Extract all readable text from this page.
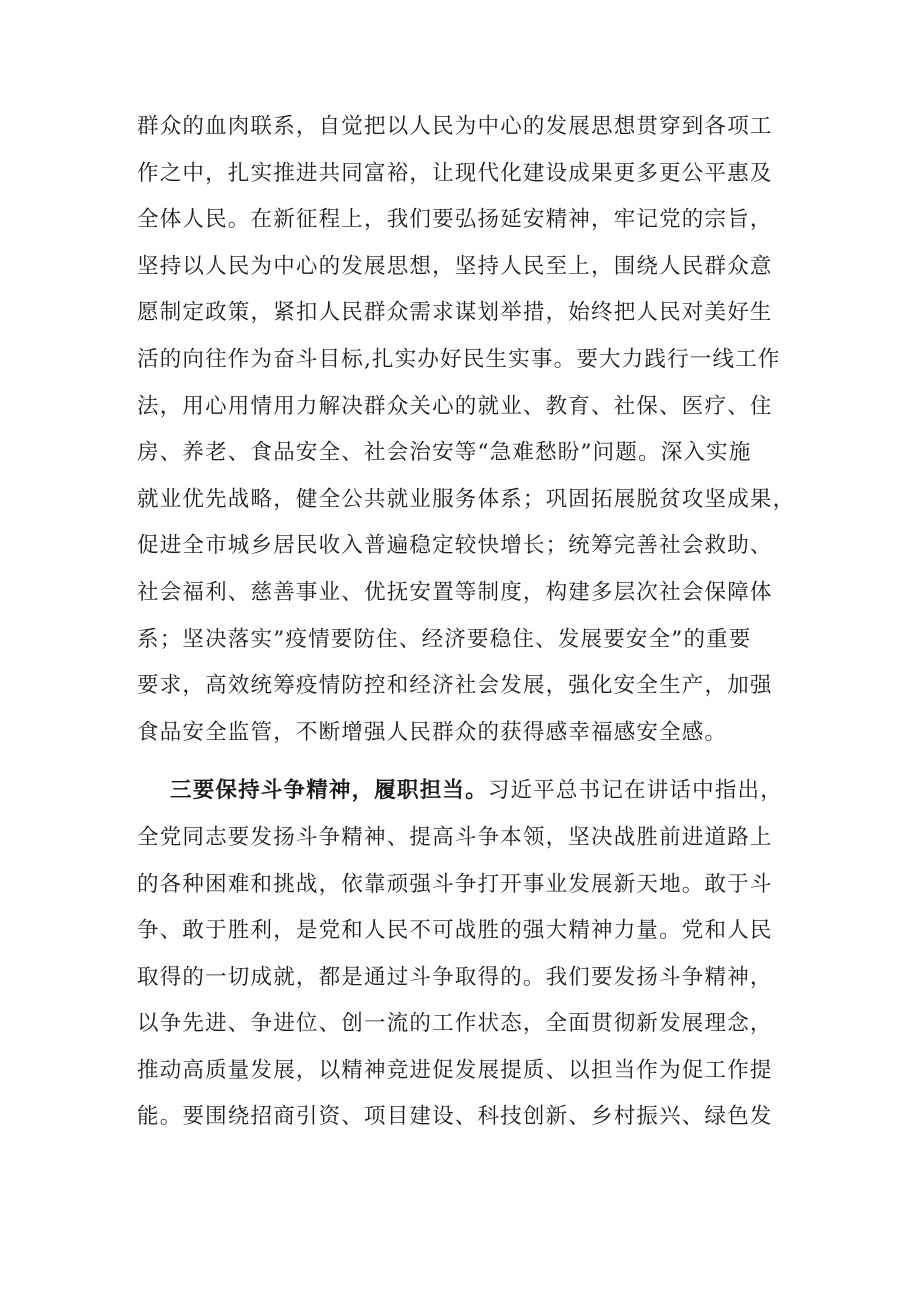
群众的血肉联系，自觉把以人民为中心的发展思想贯穿到各项工
作之中，扎实推进共同富裕，让现代化建设成果更多更公平惠及
全体人民。在新征程上，我们要弘扬延安精神，牢记党的宗旨，
坚持以人民为中心的发展思想，坚持人民至上，围绕人民群众意
愿制定政策，紧扣人民群众需求谋划举措，始终把人民对美好生
活的向往作为奋斗目标,扎实办好民生实事。要大力践行一线工作
法，用心用情用力解决群众关心的就业、教育、社保、医疗、住
房、养老、食品安全、社会治安等“急难愁盼”问题。深入实施
就业优先战略，健全公共就业服务体系；巩固拓展脱贫攻坚成果，
促进全市城乡居民收入普遍稳定较快增长；统筹完善社会救助、
社会福利、慈善事业、优抚安置等制度，构建多层次社会保障体
系；坚决落实”疫情要防住、经济要稳住、发展要安全”的重要
要求，高效统筹疫情防控和经济社会发展，强化安全生产，加强
食品安全监管，不断增强人民群众的获得感幸福感安全感。
三要保持斗争精神，履职担当。习近平总书记在讲话中指出，
全党同志要发扬斗争精神、提高斗争本领，坚决战胜前进道路上
的各种困难和挑战，依靠顽强斗争打开事业发展新天地。敢于斗
争、敢于胜利，是党和人民不可战胜的强大精神力量。党和人民
取得的一切成就，都是通过斗争取得的。我们要发扬斗争精神，
以争先进、争进位、创一流的工作状态，全面贯彻新发展理念，
推动高质量发展，以精神竞进促发展提质、以担当作为促工作提
能。要围绕招商引资、项目建设、科技创新、乡村振兴、绿色发
